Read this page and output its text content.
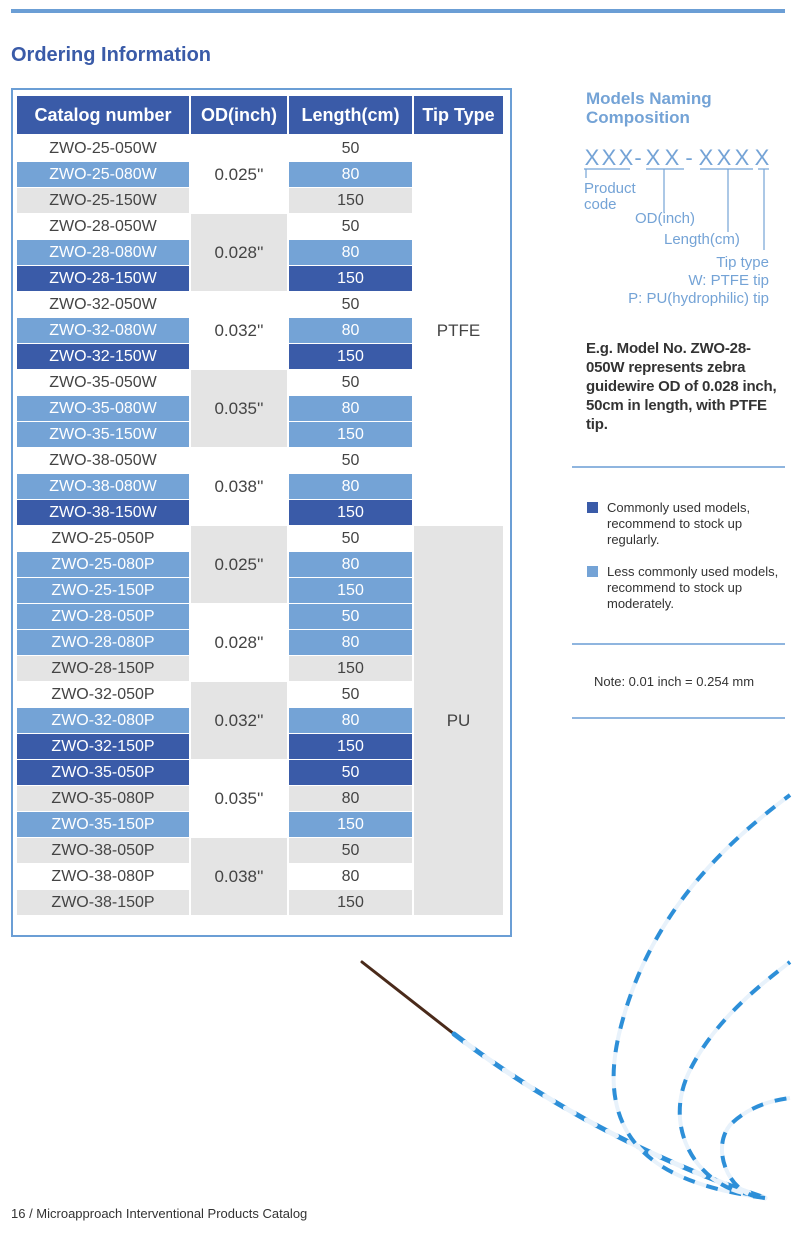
Ordering Information
Catalog number	OD(inch)	Length(cm)	Tip Type
ZWO-25-050W	0.025''	50	PTFE
ZWO-25-080W		80	
ZWO-25-150W		150	
ZWO-28-050W	0.028''	50	
ZWO-28-080W		80	
ZWO-28-150W		150	
ZWO-32-050W	0.032''	50	
ZWO-32-080W		80	
ZWO-32-150W		150	
ZWO-35-050W	0.035''	50	
ZWO-35-080W		80	
ZWO-35-150W		150	
ZWO-38-050W	0.038''	50	
ZWO-38-080W		80	
ZWO-38-150W		150	
ZWO-25-050P	0.025''	50	PU
ZWO-25-080P		80	
ZWO-25-150P		150	
ZWO-28-050P	0.028''	50	
ZWO-28-080P		80	
ZWO-28-150P		150	
ZWO-32-050P	0.032''	50	
ZWO-32-080P		80	
ZWO-32-150P		150	
ZWO-35-050P	0.035''	50	
ZWO-35-080P		80	
ZWO-35-150P		150	
ZWO-38-050P	0.038''	50	
ZWO-38-080P		80	
ZWO-38-150P		150	
Models Naming Composition
X X X - X X - X X X X
Product
code
OD(inch)
Length(cm)
Tip type
W: PTFE tip
P: PU(hydrophilic) tip
E.g. Model No. ZWO-28-050W represents zebra guidewire OD of 0.028 inch, 50cm in length, with PTFE tip.
Commonly used models, recommend to stock up regularly.
Less commonly used models, recommend to stock up moderately.
Note: 0.01 inch = 0.254 mm
16 / Microapproach Interventional Products Catalog
